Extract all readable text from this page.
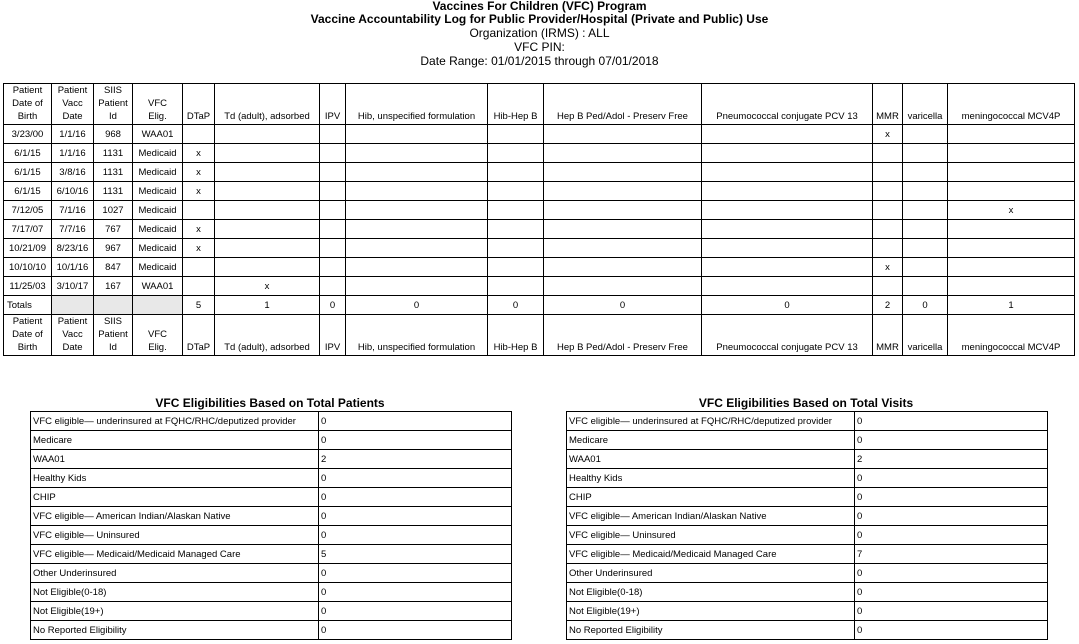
Vaccines For Children (VFC) Program
Vaccine Accountability Log for Public Provider/Hospital (Private and Public) Use
Organization (IRMS) : ALL
VFC PIN:
Date Range: 01/01/2015 through 07/01/2018
Patient
Date of
Birth	Patient
Vacc
Date	SIIS
Patient
Id	VFC
Elig.	DTaP	Td (adult), adsorbed	IPV	Hib, unspecified formulation	Hib-Hep B	Hep B Ped/Adol - Preserv Free	Pneumococcal conjugate PCV 13	MMR	varicella	meningococcal MCV4P
3/23/00	1/1/16	968	WAA01								x		
6/1/15	1/1/16	1131	Medicaid	x									
6/1/15	3/8/16	1131	Medicaid	x									
6/1/15	6/10/16	1131	Medicaid	x									
7/12/05	7/1/16	1027	Medicaid										x
7/17/07	7/7/16	767	Medicaid	x									
10/21/09	8/23/16	967	Medicaid	x									
10/10/10	10/1/16	847	Medicaid								x		
11/25/03	3/10/17	167	WAA01		x								
Totals				5	1	0	0	0	0	0	2	0	1
Patient
Date of
Birth	Patient
Vacc
Date	SIIS
Patient
Id	VFC
Elig.	DTaP	Td (adult), adsorbed	IPV	Hib, unspecified formulation	Hib-Hep B	Hep B Ped/Adol - Preserv Free	Pneumococcal conjugate PCV 13	MMR	varicella	meningococcal MCV4P
VFC Eligibilities Based on Total Patients
VFC eligible— underinsured at FQHC/RHC/deputized provider	0
Medicare	0
WAA01	2
Healthy Kids	0
CHIP	0
VFC eligible— American Indian/Alaskan Native	0
VFC eligible— Uninsured	0
VFC eligible— Medicaid/Medicaid Managed Care	5
Other Underinsured	0
Not Eligible(0-18)	0
Not Eligible(19+)	0
No Reported Eligibility	0
VFC Eligibilities Based on Total Visits
VFC eligible— underinsured at FQHC/RHC/deputized provider	0
Medicare	0
WAA01	2
Healthy Kids	0
CHIP	0
VFC eligible— American Indian/Alaskan Native	0
VFC eligible— Uninsured	0
VFC eligible— Medicaid/Medicaid Managed Care	7
Other Underinsured	0
Not Eligible(0-18)	0
Not Eligible(19+)	0
No Reported Eligibility	0
